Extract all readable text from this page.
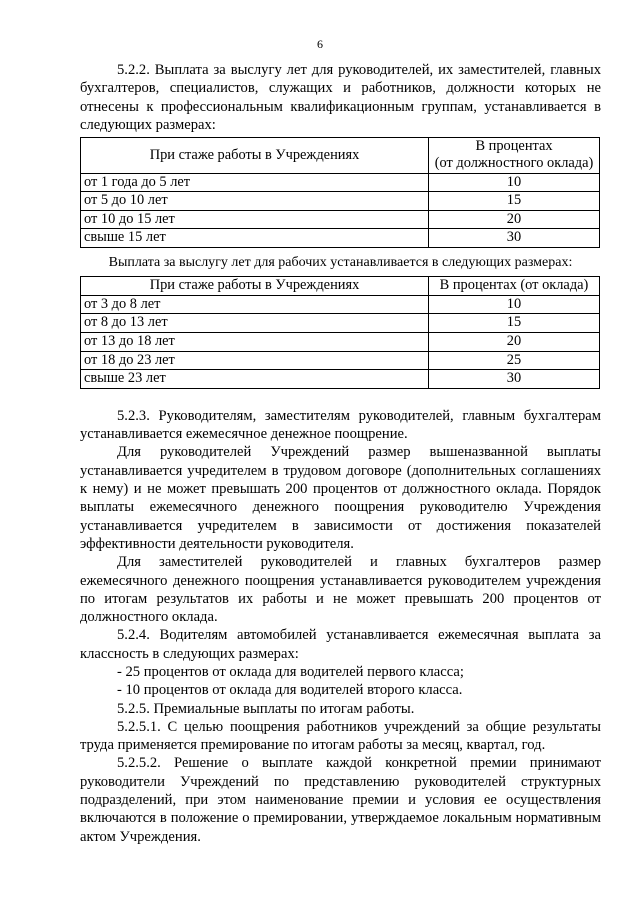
6

5.2.2. Выплата за выслугу лет для руководителей, их заместителей, главных бухгалтеров, специалистов, служащих и работников, должности которых не отнесены к профессиональным квалификационным группам, устанавливается в следующих размерах:

При стаже работы в Учреждениях	В процентах
(от должностного оклада)

от 1 года до 5 лет	10
от 5 до 10 лет	15
от 10 до 15 лет	20
свыше 15 лет	30

Выплата за выслугу лет для рабочих устанавливается в следующих размерах:

При стаже работы в Учреждениях	В процентах (от оклада)
от 3 до 8 лет	10
от 8 до 13 лет	15
от 13 до 18 лет	20
от 18 до 23 лет	25
свыше 23 лет	30

5.2.3. Руководителям, заместителям руководителей, главным бухгалтерам устанавливается ежемесячное денежное поощрение.

Для руководителей Учреждений размер вышеназванной выплаты устанавливается учредителем в трудовом договоре (дополнительных соглашениях к нему) и не может превышать 200 процентов от должностного оклада. Порядок выплаты ежемесячного денежного поощрения руководителю Учреждения устанавливается учредителем в зависимости от достижения показателей эффективности деятельности руководителя.

Для заместителей руководителей и главных бухгалтеров размер ежемесячного денежного поощрения устанавливается руководителем учреждения по итогам результатов их работы и не может превышать 200 процентов от должностного оклада.

5.2.4. Водителям автомобилей устанавливается ежемесячная выплата за классность в следующих размерах:

- 25 процентов от оклада для водителей первого класса;

- 10 процентов от оклада для водителей второго класса.

5.2.5. Премиальные выплаты по итогам работы.

5.2.5.1. С целью поощрения работников учреждений за общие результаты труда применяется премирование по итогам работы за месяц, квартал, год.

5.2.5.2. Решение о выплате каждой конкретной премии принимают руководители Учреждений по представлению руководителей структурных подразделений, при этом наименование премии и условия ее осуществления включаются в положение о премировании, утверждаемое локальным нормативным актом Учреждения.
